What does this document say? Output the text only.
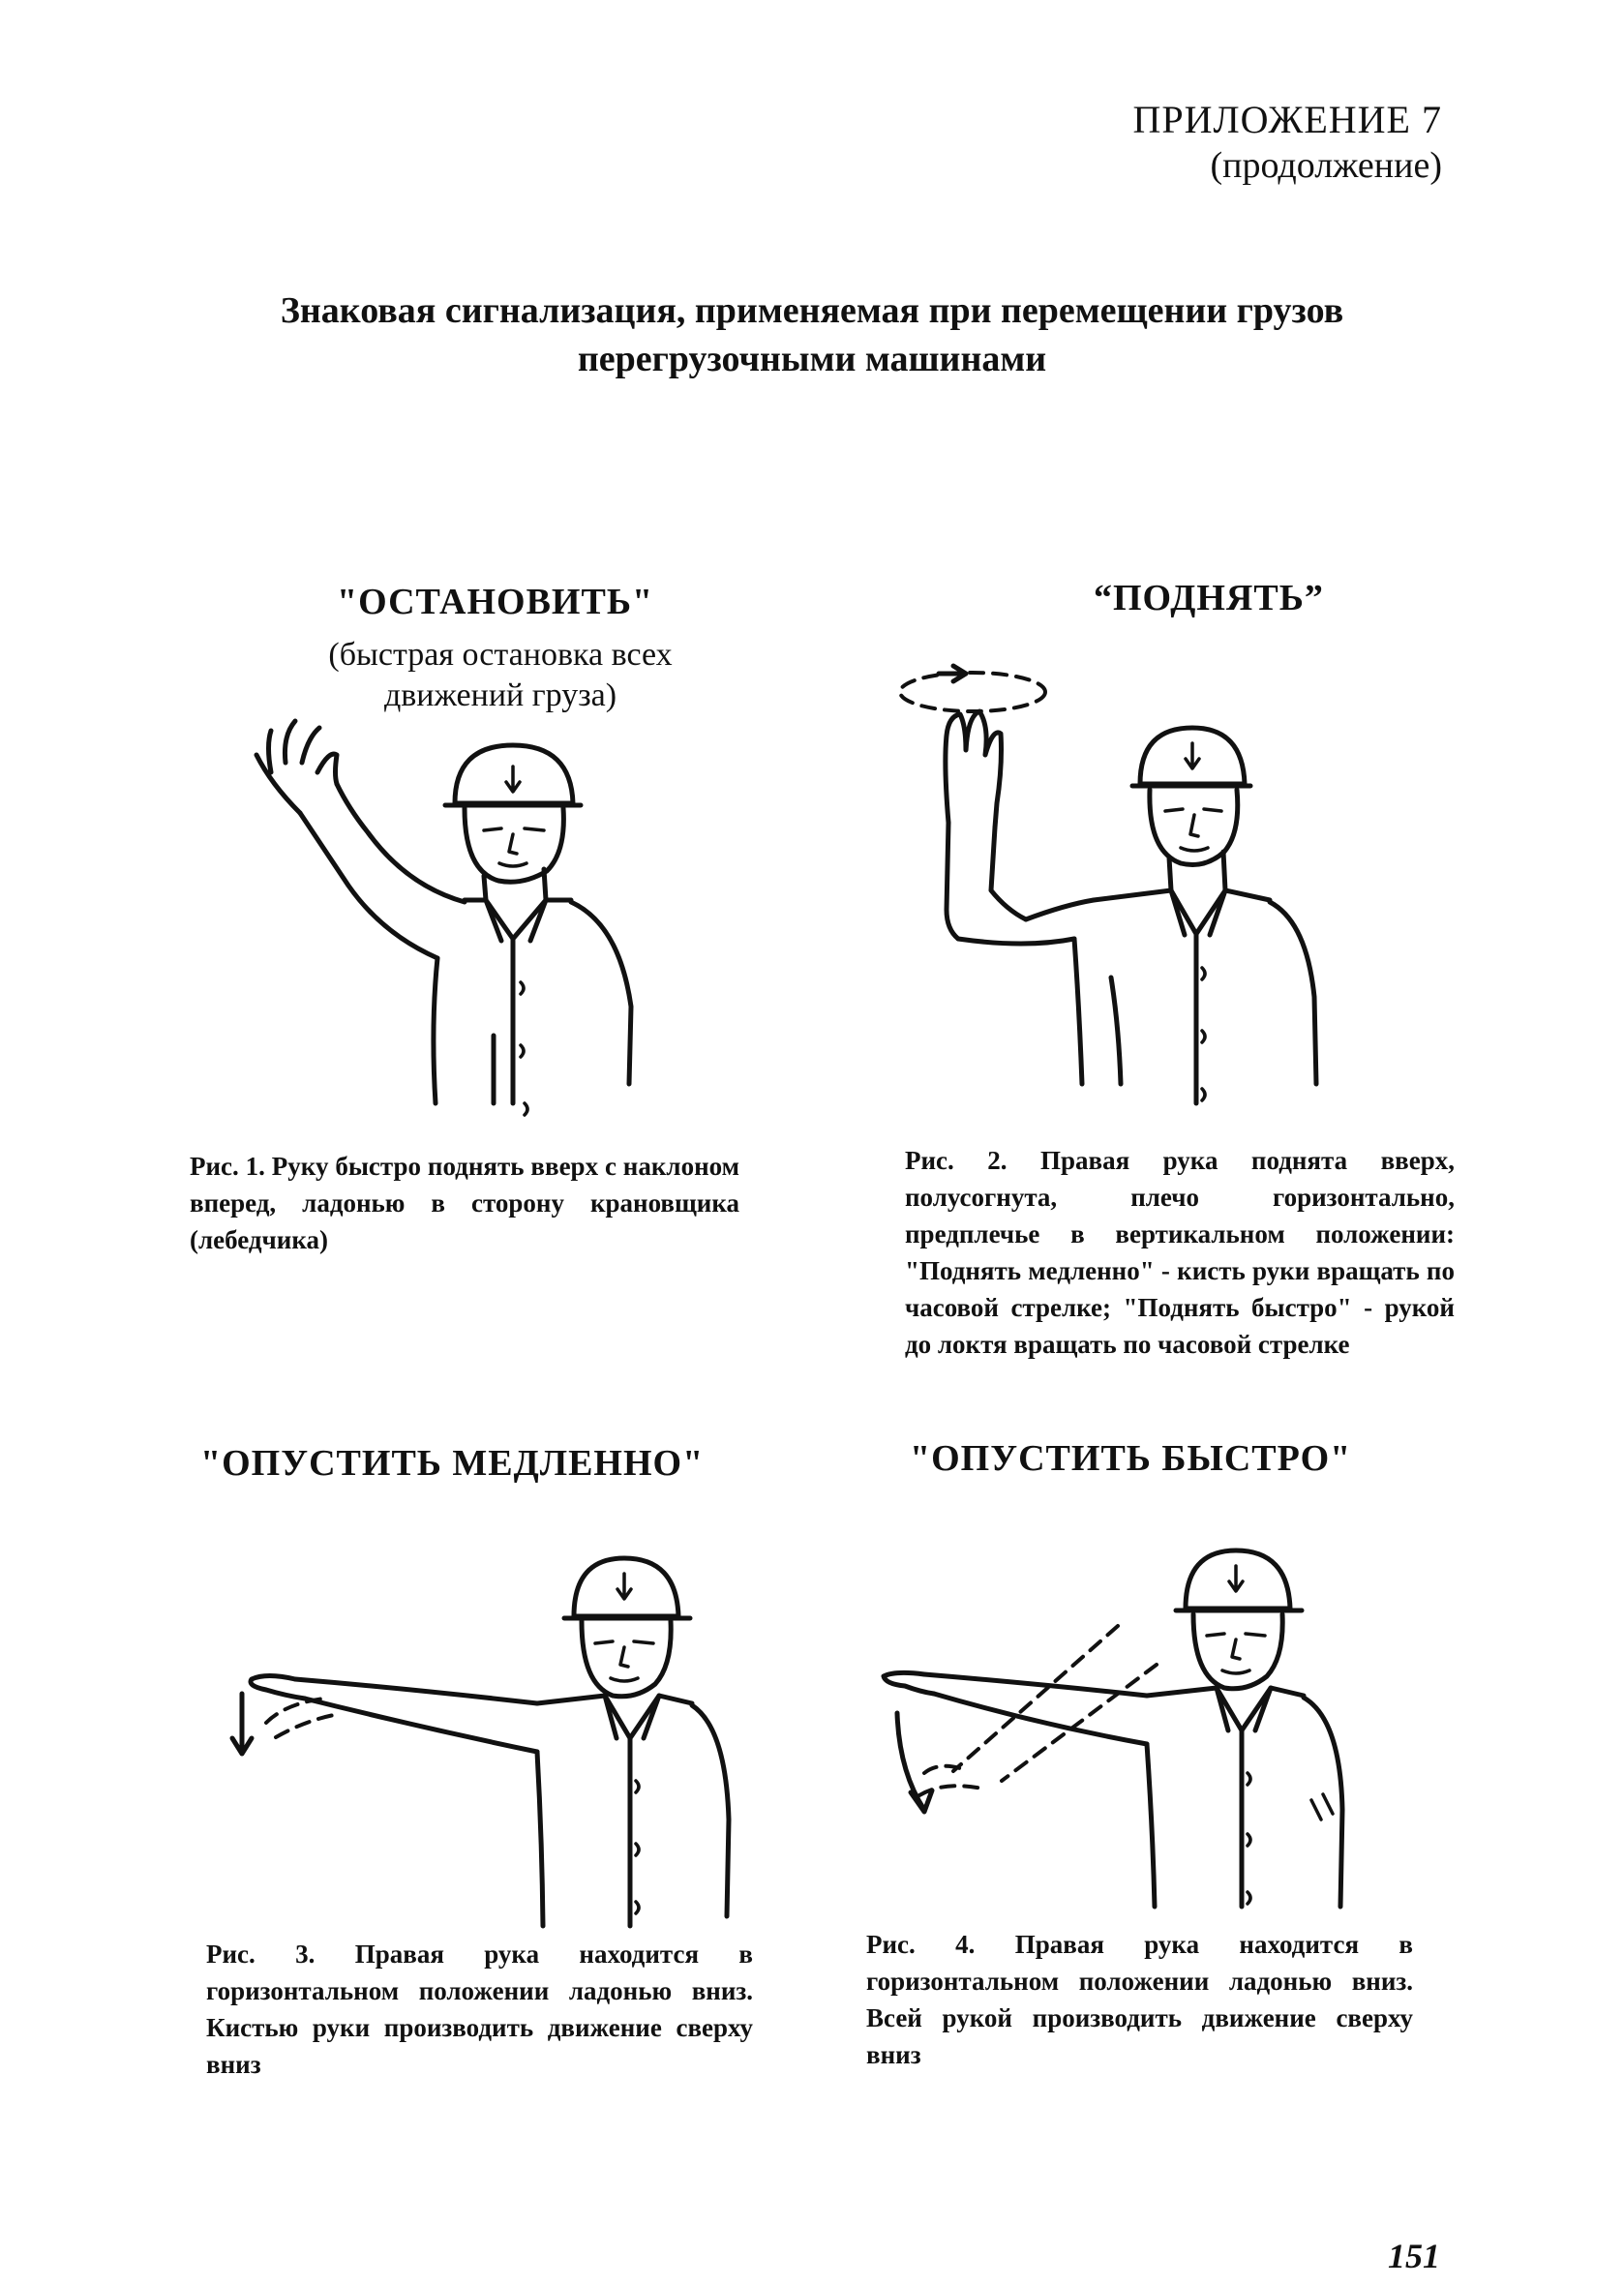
ПРИЛОЖЕНИЕ 7
(продолжение)
Знаковая сигнализация, применяемая при перемещении грузов
перегрузочными машинами
"ОСТАНОВИТЬ"
(быстрая остановка всех
движений груза)
Рис. 1. Руку быстро поднять вверх с наклоном вперед, ладонью в сторону крановщика (лебедчика)
“ПОДНЯТЬ”
Рис. 2. Правая рука поднята вверх, полусогнута, плечо горизонтально, предплечье в вертикальном положении: "Поднять медленно" - кисть руки вращать по часовой стрелке; "Поднять быстро" - рукой до локтя вращать по часовой стрелке
"ОПУСТИТЬ МЕДЛЕННО"
Рис. 3. Правая рука находится в горизонтальном положении ладонью вниз. Кистью руки производить движение сверху вниз
"ОПУСТИТЬ БЫСТРО"
Рис. 4. Правая рука находится в горизонтальном положении ладонью вниз. Всей рукой производить движение сверху вниз
151
